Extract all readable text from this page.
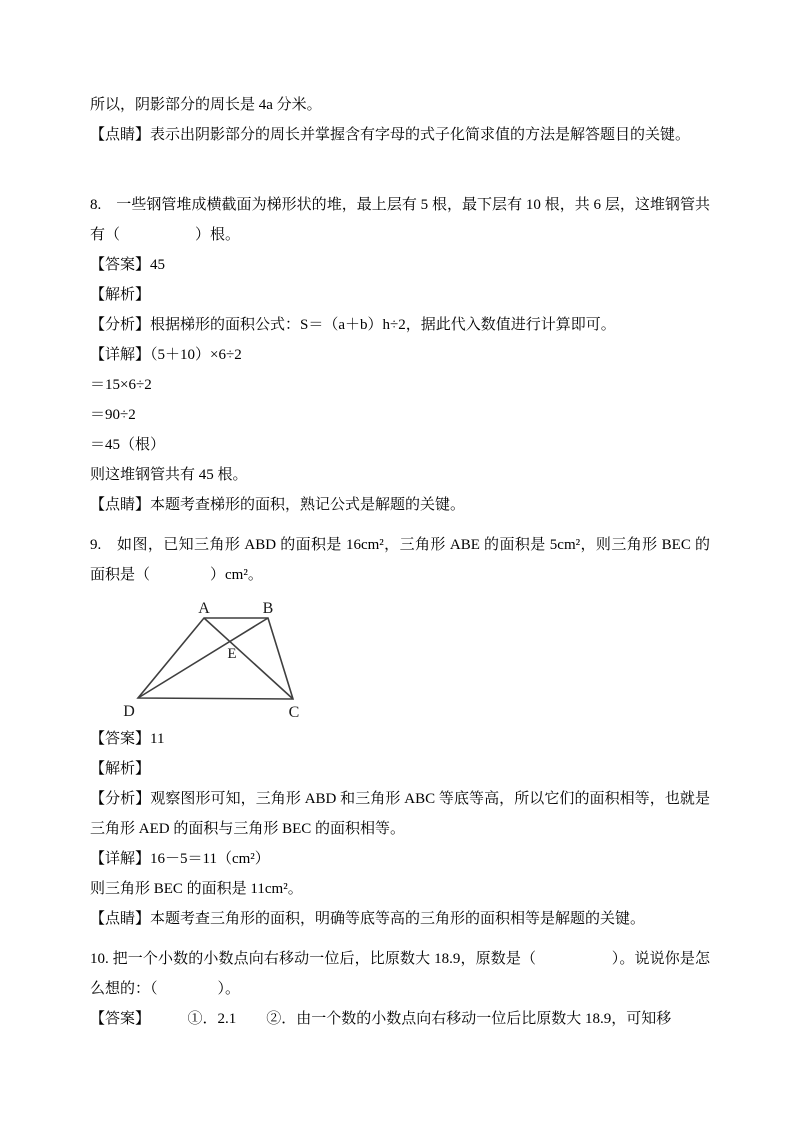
所以，阴影部分的周长是 4a 分米。

【点睛】表示出阴影部分的周长并掌握含有字母的式子化简求值的方法是解答题目的关键。

8.　一些钢管堆成横截面为梯形状的堆，最上层有 5 根，最下层有 10 根，共 6 层，这堆钢管共有（　　　　　）根。

【答案】45

【解析】

【分析】根据梯形的面积公式：S＝（a＋b）h÷2，据此代入数值进行计算即可。

【详解】（5＋10）×6÷2

＝15×6÷2

＝90÷2

＝45（根）

则这堆钢管共有 45 根。

【点睛】本题考查梯形的面积，熟记公式是解题的关键。

9.　如图，已知三角形 ABD 的面积是 16cm²，三角形 ABE 的面积是 5cm²，则三角形 BEC 的面积是（　　　　）cm²。

A	B
E
D	C

【答案】11

【解析】

【分析】观察图形可知，三角形 ABD 和三角形 ABC 等底等高，所以它们的面积相等，也就是三角形 AED 的面积与三角形 BEC 的面积相等。

【详解】16－5＝11（cm²）

则三角形 BEC 的面积是 11cm²。

【点睛】本题考查三角形的面积，明确等底等高的三角形的面积相等是解题的关键。

10. 把一个小数的小数点向右移动一位后，比原数大 18.9，原数是（　　　　　）。说说你是怎么想的：（　　　　）。

【答案】　　　①．2.1　　②．由一个数的小数点向右移动一位后比原数大 18.9，可知移
